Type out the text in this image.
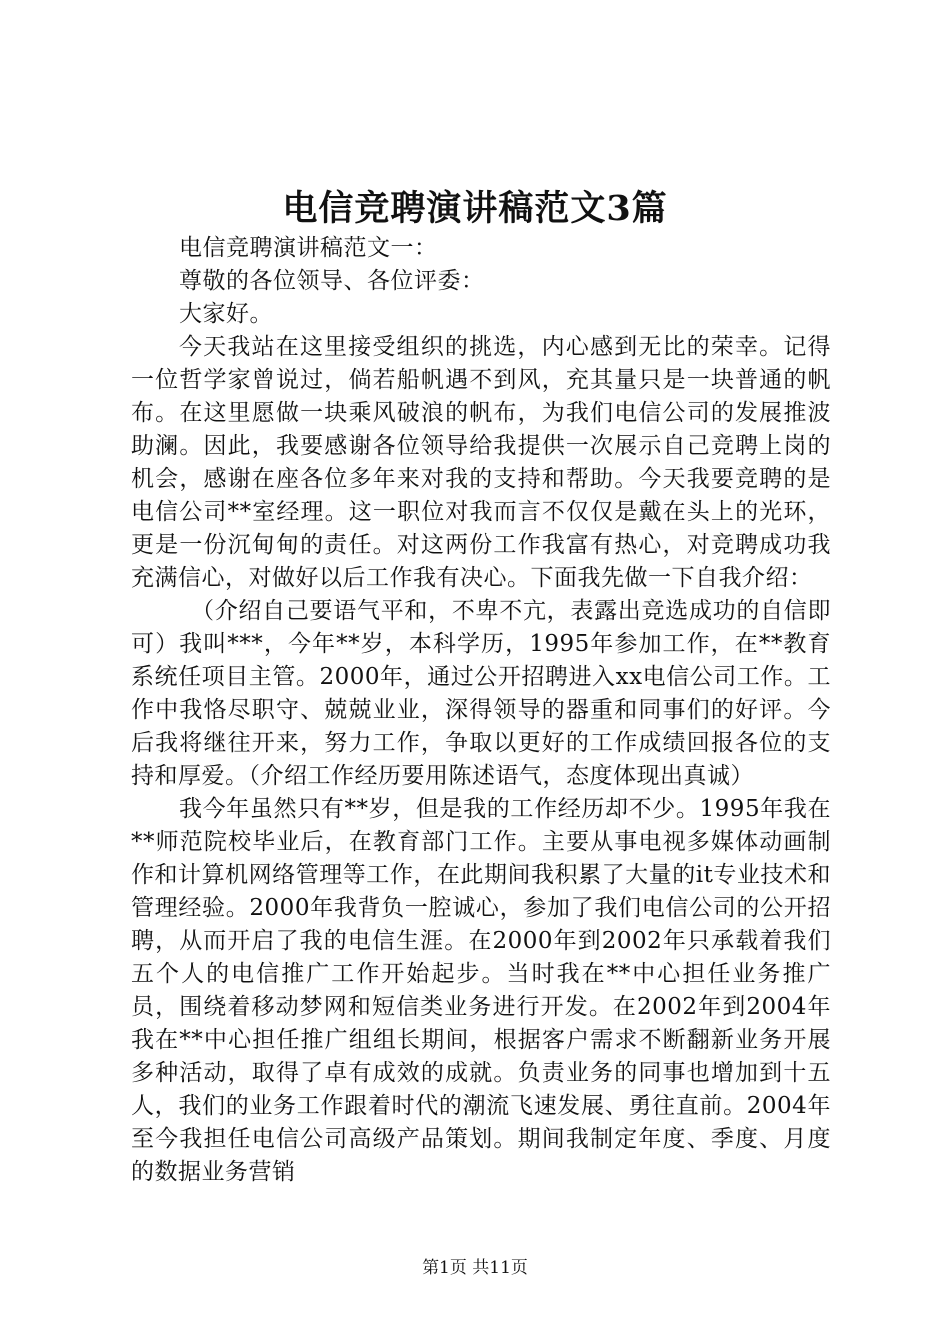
电信竞聘演讲稿范文3篇

电信竞聘演讲稿范文一：

尊敬的各位领导、各位评委：

大家好。

今天我站在这里接受组织的挑选，内心感到无比的荣幸。记得一位哲学家曾说过，倘若船帆遇不到风，充其量只是一块普通的帆布。在这里愿做一块乘风破浪的帆布，为我们电信公司的发展推波助澜。因此，我要感谢各位领导给我提供一次展示自己竞聘上岗的机会，感谢在座各位多年来对我的支持和帮助。今天我要竞聘的是电信公司**室经理。这一职位对我而言不仅仅是戴在头上的光环，更是一份沉甸甸的责任。对这两份工作我富有热心，对竞聘成功我充满信心，对做好以后工作我有决心。下面我先做一下自我介绍：

（介绍自己要语气平和，不卑不亢，表露出竞选成功的自信即可）我叫***，今年**岁，本科学历，1995年参加工作，在**教育系统任项目主管。2000年，通过公开招聘进入xx电信公司工作。工作中我恪尽职守、兢兢业业，深得领导的器重和同事们的好评。今后我将继往开来，努力工作，争取以更好的工作成绩回报各位的支持和厚爱。（介绍工作经历要用陈述语气，态度体现出真诚）

我今年虽然只有**岁，但是我的工作经历却不少。1995年我在**师范院校毕业后，在教育部门工作。主要从事电视多媒体动画制作和计算机网络管理等工作，在此期间我积累了大量的it专业技术和管理经验。2000年我背负一腔诚心，参加了我们电信公司的公开招聘，从而开启了我的电信生涯。在2000年到2002年只承载着我们五个人的电信推广工作开始起步。当时我在**中心担任业务推广员，围绕着移动梦网和短信类业务进行开发。在2002年到2004年我在**中心担任推广组组长期间，根据客户需求不断翻新业务开展多种活动，取得了卓有成效的成就。负责业务的同事也增加到十五人，我们的业务工作跟着时代的潮流飞速发展、勇往直前。2004年至今我担任电信公司高级产品策划。期间我制定年度、季度、月度的数据业务营销

第1页 共11页
